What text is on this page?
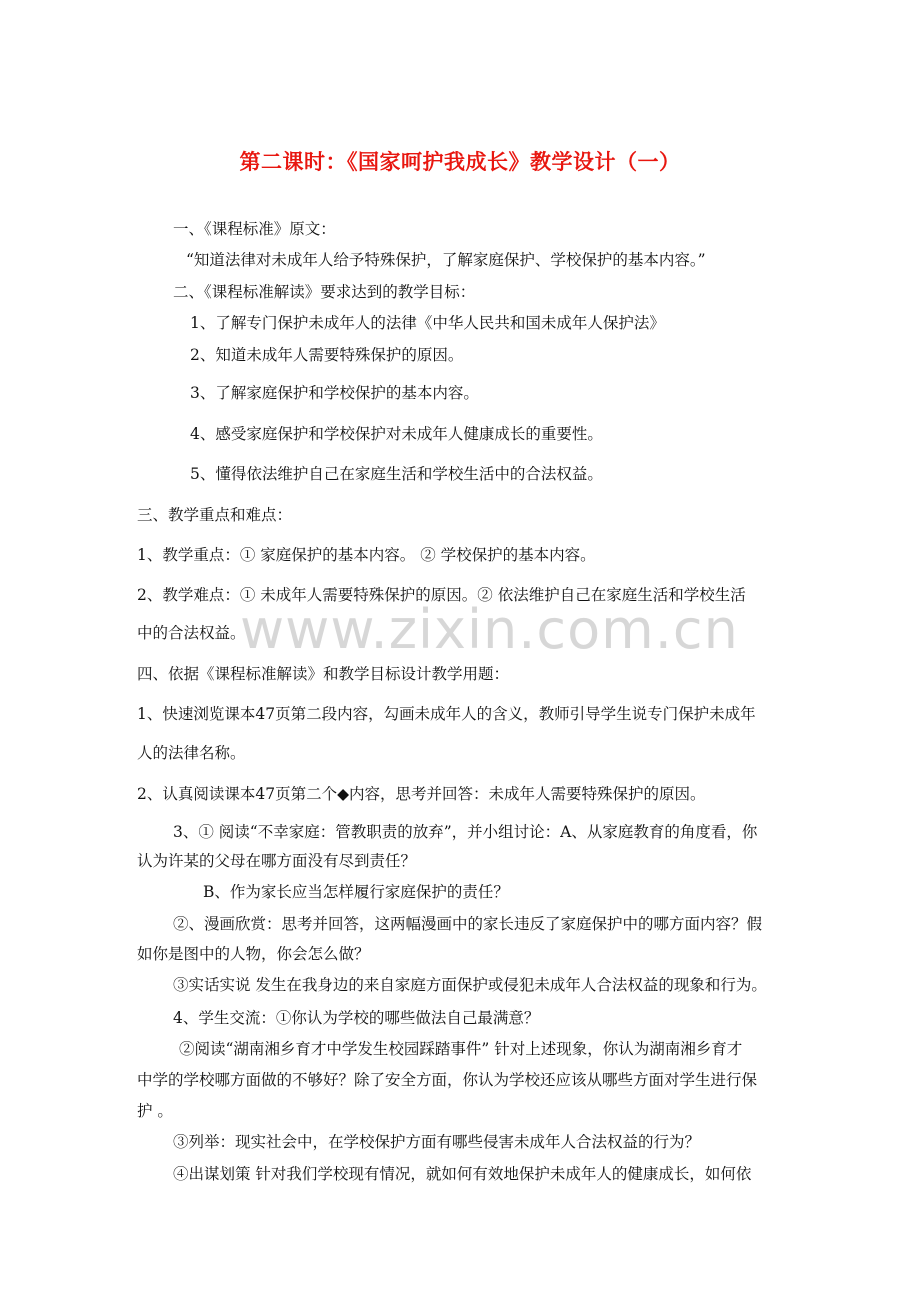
第二课时：《国家呵护我成长》教学设计（一）
一、《课程标准》原文：
“知道法律对未成年人给予特殊保护，了解家庭保护、学校保护的基本内容。”
二、《课程标准解读》要求达到的教学目标：
1、了解专门保护未成年人的法律《中华人民共和国未成年人保护法》
2、知道未成年人需要特殊保护的原因。
3、了解家庭保护和学校保护的基本内容。
4、感受家庭保护和学校保护对未成年人健康成长的重要性。
5、懂得依法维护自己在家庭生活和学校生活中的合法权益。
三、教学重点和难点：
1、教学重点：① 家庭保护的基本内容。 ② 学校保护的基本内容。
2、教学难点：① 未成年人需要特殊保护的原因。② 依法维护自己在家庭生活和学校生活
中的合法权益。
四、依据《课程标准解读》和教学目标设计教学用题：
1、快速浏览课本47页第二段内容，勾画未成年人的含义，教师引导学生说专门保护未成年
人的法律名称。
2、认真阅读课本47页第二个◆内容，思考并回答：未成年人需要特殊保护的原因。
3、① 阅读“不幸家庭：管教职责的放弃”，并小组讨论：A、从家庭教育的角度看，你
认为许某的父母在哪方面没有尽到责任？
B、作为家长应当怎样履行家庭保护的责任？
②、漫画欣赏：思考并回答，这两幅漫画中的家长违反了家庭保护中的哪方面内容？假
如你是图中的人物，你会怎么做？
③实话实说 发生在我身边的来自家庭方面保护或侵犯未成年人合法权益的现象和行为。
4、学生交流：①你认为学校的哪些做法自己最满意？
②阅读“湖南湘乡育才中学发生校园踩踏事件” 针对上述现象，你认为湖南湘乡育才
中学的学校哪方面做的不够好？除了安全方面，你认为学校还应该从哪些方面对学生进行保
护 。
③列举：现实社会中，在学校保护方面有哪些侵害未成年人合法权益的行为？
④出谋划策 针对我们学校现有情况，就如何有效地保护未成年人的健康成长，如何依
www.zixin.com.cn
